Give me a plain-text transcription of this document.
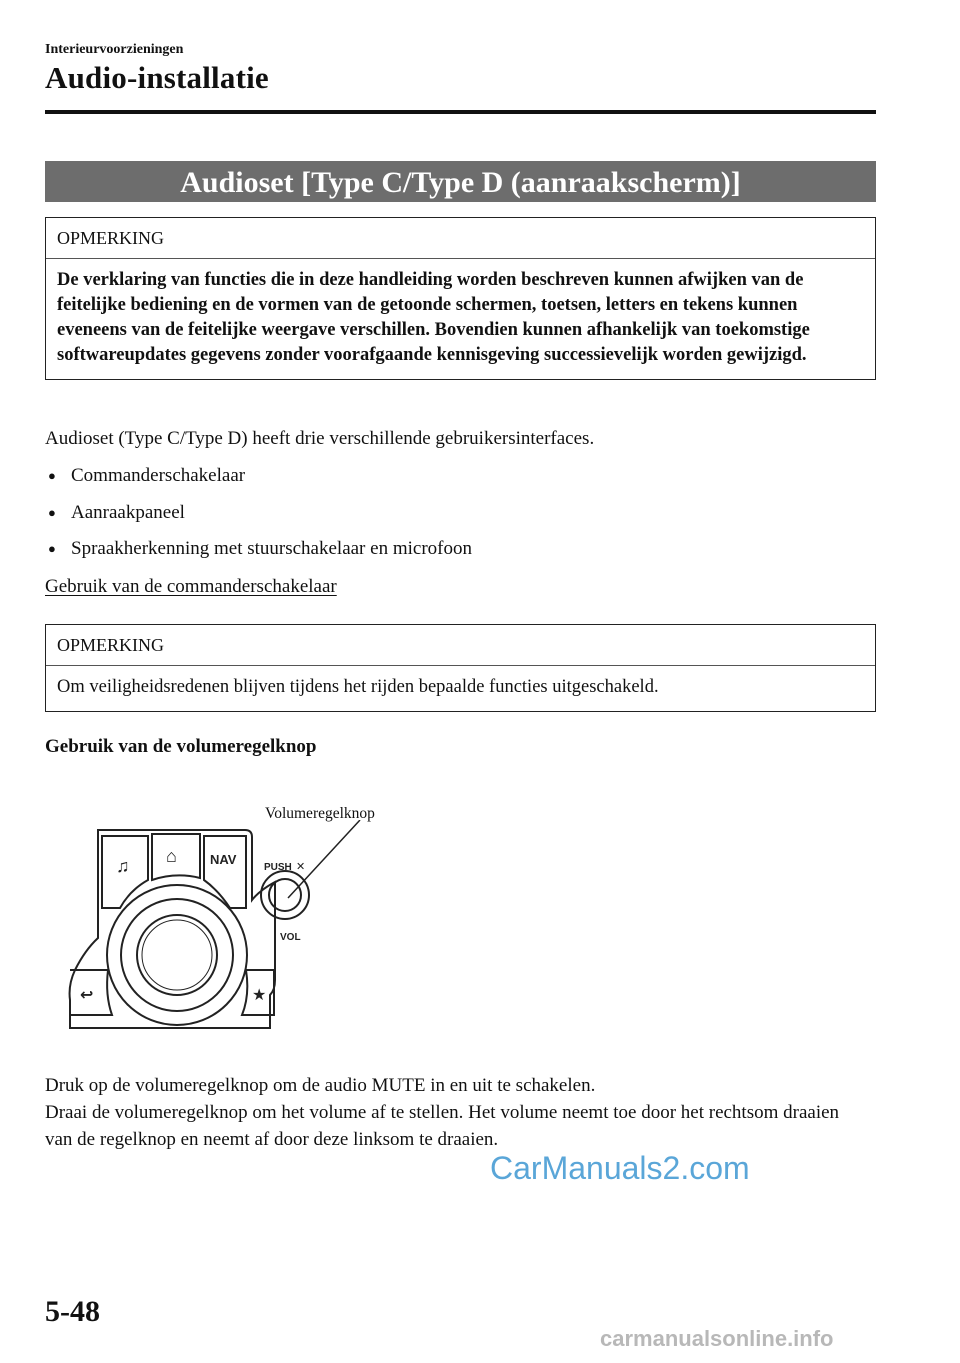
Interieurvoorzieningen
Audio-installatie
Audioset [Type C/Type D (aanraakscherm)]
OPMERKING
De verklaring van functies die in deze handleiding worden beschreven kunnen afwijken van de feitelijke bediening en de vormen van de getoonde schermen, toetsen, letters en tekens kunnen eveneens van de feitelijke weergave verschillen. Bovendien kunnen afhankelijk van toekomstige softwareupdates gegevens zonder voorafgaande kennisgeving successievelijk worden gewijzigd.
Audioset (Type C/Type D) heeft drie verschillende gebruikersinterfaces.
● Commanderschakelaar
● Aanraakpaneel
● Spraakherkenning met stuurschakelaar en microfoon
Gebruik van de commanderschakelaar
OPMERKING
Om veiligheidsredenen blijven tijdens het rijden bepaalde functies uitgeschakeld.
Gebruik van de volumeregelknop
Volumeregelknop
♫ ⌂	NAV
PUSH ✕
VOL
↩	★
Druk op de volumeregelknop om de audio MUTE in en uit te schakelen.
Draai de volumeregelknop om het volume af te stellen. Het volume neemt toe door het rechtsom draaien van de regelknop en neemt af door deze linksom te draaien.
CarManuals2.com
5-48
carmanualsonline.info
